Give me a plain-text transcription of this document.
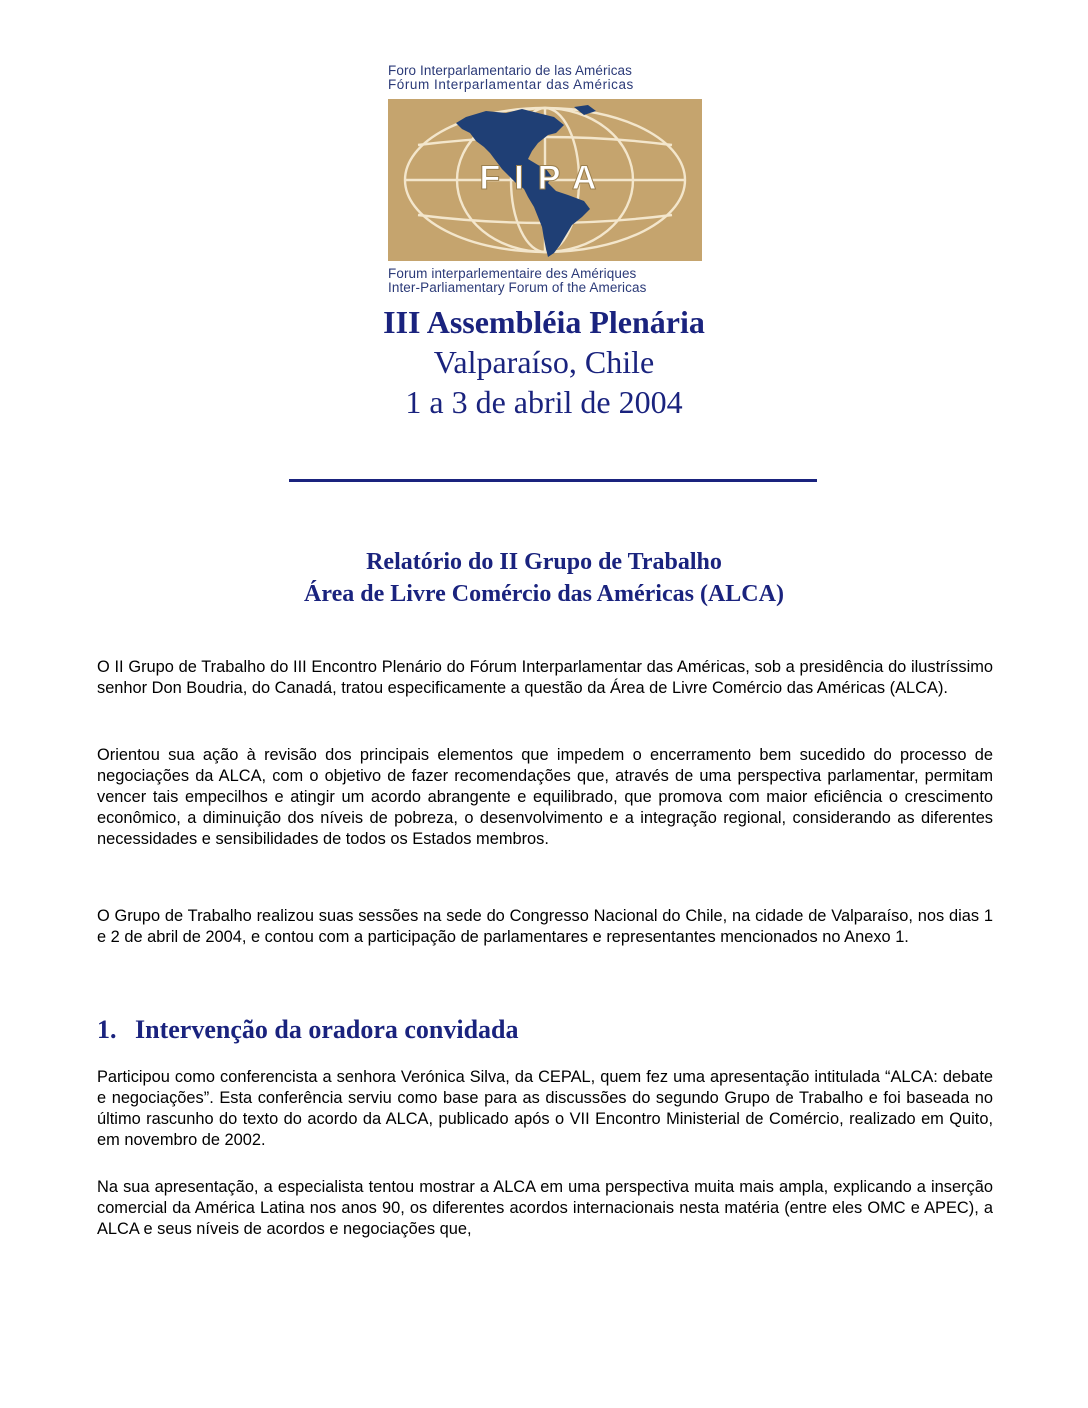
Foro Interparlamentario de las Américas
Fórum Interparlamentar das Américas
FIPA
Forum interparlementaire des Amériques
Inter-Parliamentary Forum of the Americas
III Assembléia Plenária
Valparaíso, Chile
1 a 3 de abril de 2004
Relatório do II Grupo de Trabalho
Área de Livre Comércio das Américas (ALCA)

O II Grupo de Trabalho do III Encontro Plenário do Fórum Interparlamentar das Américas, sob a presidência do ilustríssimo senhor Don Boudria, do Canadá, tratou especificamente a questão da Área de Livre Comércio das Américas (ALCA).

Orientou sua ação à revisão dos principais elementos que impedem o encerramento bem sucedido do processo de negociações da ALCA, com o objetivo de fazer recomendações que, através de uma perspectiva parlamentar, permitam vencer tais empecilhos e atingir um acordo abrangente e equilibrado, que promova com maior eficiência o crescimento econômico, a diminuição dos níveis de pobreza, o desenvolvimento e a integração regional, considerando as diferentes necessidades e sensibilidades de todos os Estados membros.

O Grupo de Trabalho realizou suas sessões na sede do Congresso Nacional do Chile, na cidade de Valparaíso, nos dias 1 e 2 de abril de 2004, e contou com a participação de parlamentares e representantes mencionados no Anexo 1.

1. Intervenção da oradora convidada

Participou como conferencista a senhora Verónica Silva, da CEPAL, quem fez uma apresentação intitulada “ALCA: debate e negociações”. Esta conferência serviu como base para as discussões do segundo Grupo de Trabalho e foi baseada no último rascunho do texto do acordo da ALCA, publicado após o VII Encontro Ministerial de Comércio, realizado em Quito, em novembro de 2002.

Na sua apresentação, a especialista tentou mostrar a ALCA em uma perspectiva muita mais ampla, explicando a inserção comercial da América Latina nos anos 90, os diferentes acordos internacionais nesta matéria (entre eles OMC e APEC), a ALCA e seus níveis de acordos e negociações que,
